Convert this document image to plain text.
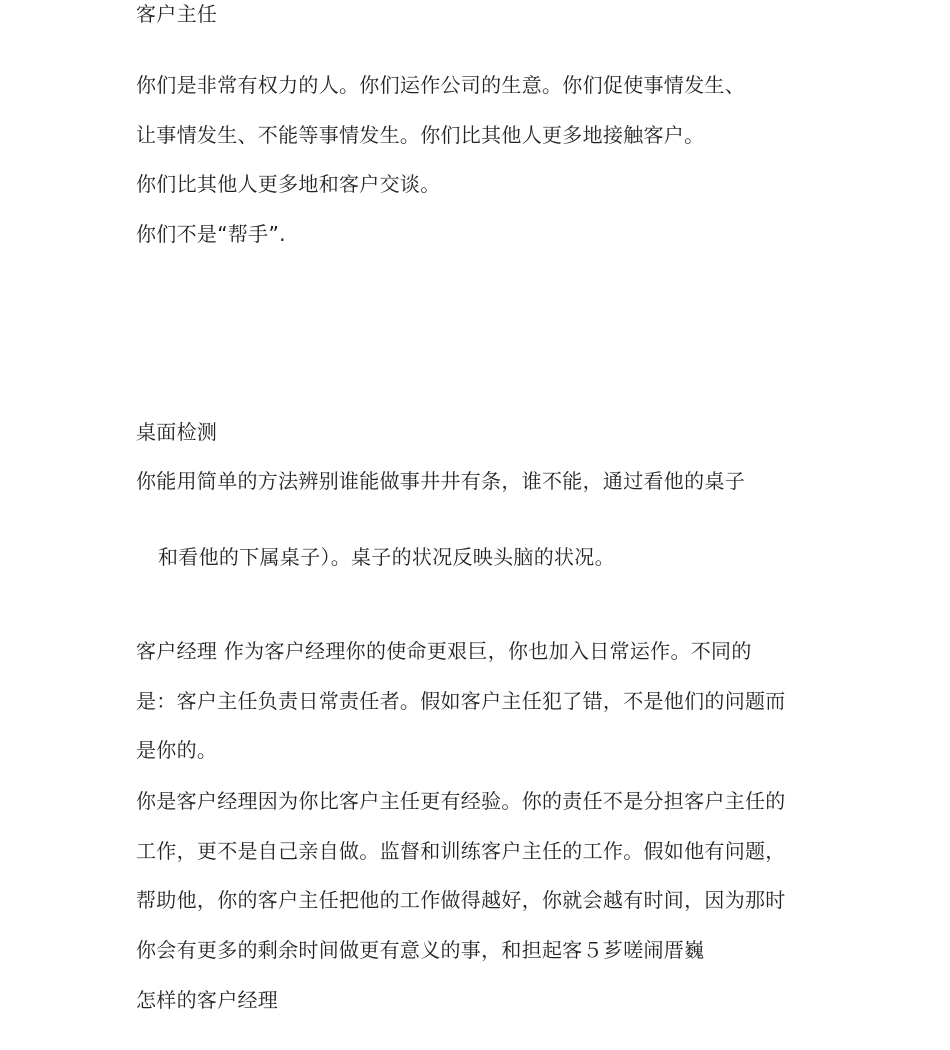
客户主任
你们是非常有权力的人。你们运作公司的生意。你们促使事情发生、
让事情发生、不能等事情发生。你们比其他人更多地接触客户。
你们比其他人更多地和客户交谈。
你们不是“帮手”.
桌面检测
你能用简单的方法辨别谁能做事井井有条，谁不能，通过看他的桌子
和看他的下属桌子）。桌子的状况反映头脑的状况。
客户经理 作为客户经理你的使命更艰巨，你也加入日常运作。不同的
是：客户主任负责日常责任者。假如客户主任犯了错，不是他们的问题而
是你的。
你是客户经理因为你比客户主任更有经验。你的责任不是分担客户主任的
工作，更不是自己亲自做。监督和训练客户主任的工作。假如他有问题，
帮助他，你的客户主任把他的工作做得越好，你就会越有时间，因为那时
你会有更多的剩余时间做更有意义的事，和担起客５芗嗟闹厝巍
怎样的客户经理
